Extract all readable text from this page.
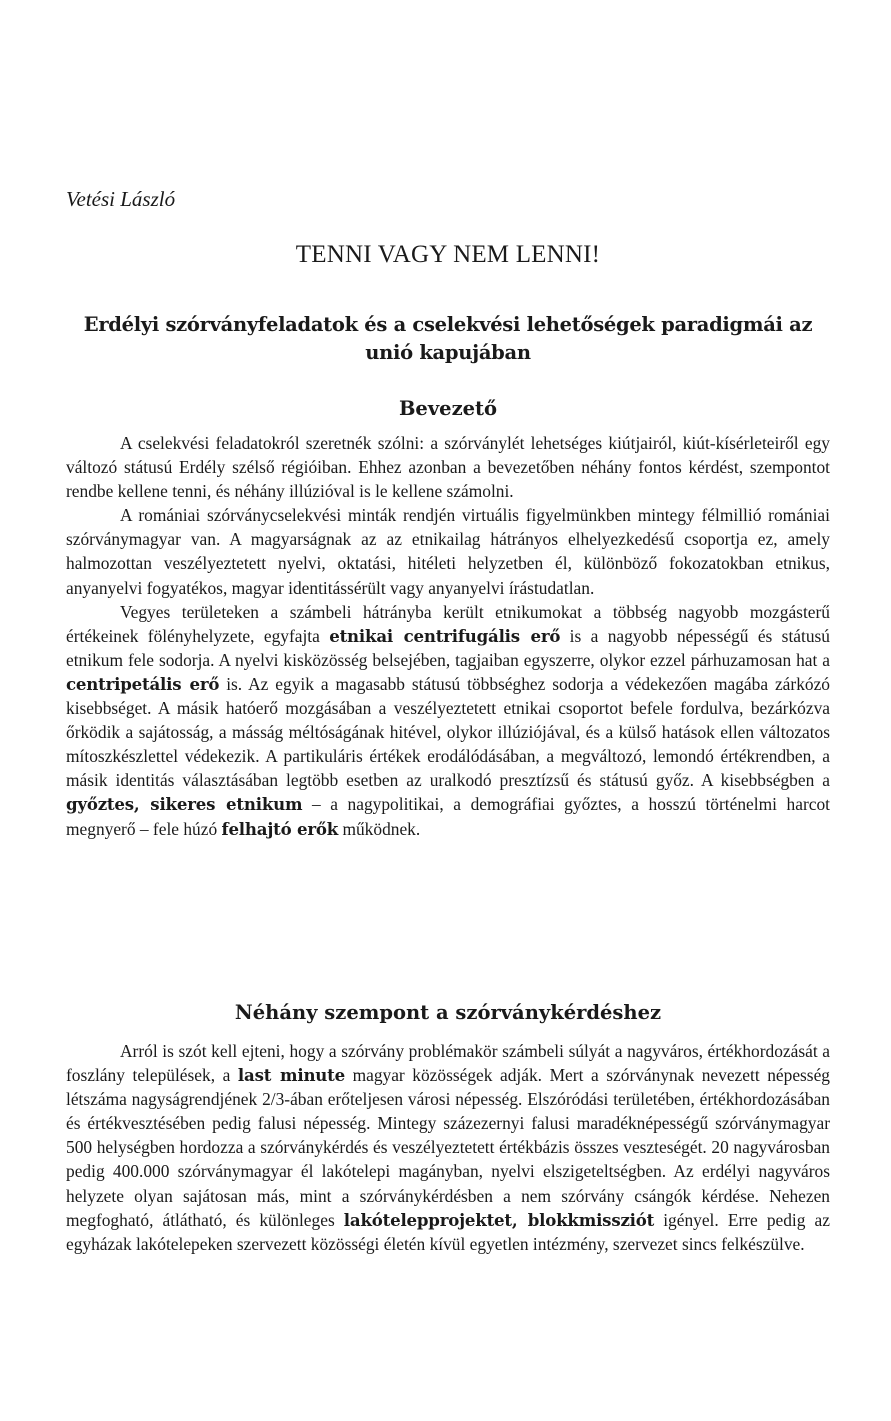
Vetési László

TENNI VAGY NEM LENNI!
Erdélyi szórványfeladatok és a cselekvési lehetőségek paradigmái az unió kapujában
Bevezető

A cselekvési feladatokról szeretnék szólni: a szórványlét lehetséges kiútjairól, kiút-kísérleteiről egy változó státusú Erdély szélső régióiban. Ehhez azonban a bevezetőben néhány fontos kérdést, szempontot rendbe kellene tenni, és néhány illúzióval is le kellene számolni.

A romániai szórványcselekvési minták rendjén virtuális figyelmünkben mintegy félmillió romániai szórványmagyar van. A magyarságnak az az etnikailag hátrányos elhelyezkedésű csoportja ez, amely halmozottan veszélyeztetett nyelvi, oktatási, hitéleti helyzetben él, különböző fokozatokban etnikus, anyanyelvi fogyatékos, magyar identitássérült vagy anyanyelvi írástudatlan.

Vegyes területeken a számbeli hátrányba került etnikumokat a többség nagyobb mozgásterű értékeinek fölényhelyzete, egyfajta etnikai centrifugális erő is a nagyobb népességű és státusú etnikum fele sodorja. A nyelvi kisközösség belsejében, tagjaiban egyszerre, olykor ezzel párhuzamosan hat a centripetális erő is. Az egyik a magasabb státusú többséghez sodorja a védekezően magába zárkózó kisebbséget. A másik hatóerő mozgásában a veszélyeztetett etnikai csoportot befele fordulva, bezárkózva őrködik a sajátosság, a másság méltóságának hitével, olykor illúziójával, és a külső hatások ellen változatos mítoszkészlettel védekezik. A partikuláris értékek erodálódásában, a megváltozó, lemondó értékrendben, a másik identitás választásában legtöbb esetben az uralkodó presztízsű és státusú győz. A kisebbségben a győztes, sikeres etnikum – a nagypolitikai, a demográfiai győztes, a hosszú történelmi harcot megnyerő – fele húzó felhajtó erők működnek.

Néhány szempont a szórványkérdéshez

Arról is szót kell ejteni, hogy a szórvány problémakör számbeli súlyát a nagyváros, értékhordozását a foszlány települések, a last minute magyar közösségek adják. Mert a szórványnak nevezett népesség létszáma nagyságrendjének 2/3-ában erőteljesen városi népesség. Elszóródási területében, értékhordozásában és értékvesztésében pedig falusi népesség. Mintegy százezernyi falusi maradéknépességű szórványmagyar 500 helységben hordozza a szórványkérdés és veszélyeztetett értékbázis összes veszteségét. 20 nagyvárosban pedig 400.000 szórványmagyar él lakótelepi magányban, nyelvi elszigeteltségben. Az erdélyi nagyváros helyzete olyan sajátosan más, mint a szórványkérdésben a nem szórvány csángók kérdése. Nehezen megfogható, átlátható, és különleges lakótelepprojektet, blokkmissziót igényel. Erre pedig az egyházak lakótelepeken szervezett közösségi életén kívül egyetlen intézmény, szervezet sincs felkészülve.
